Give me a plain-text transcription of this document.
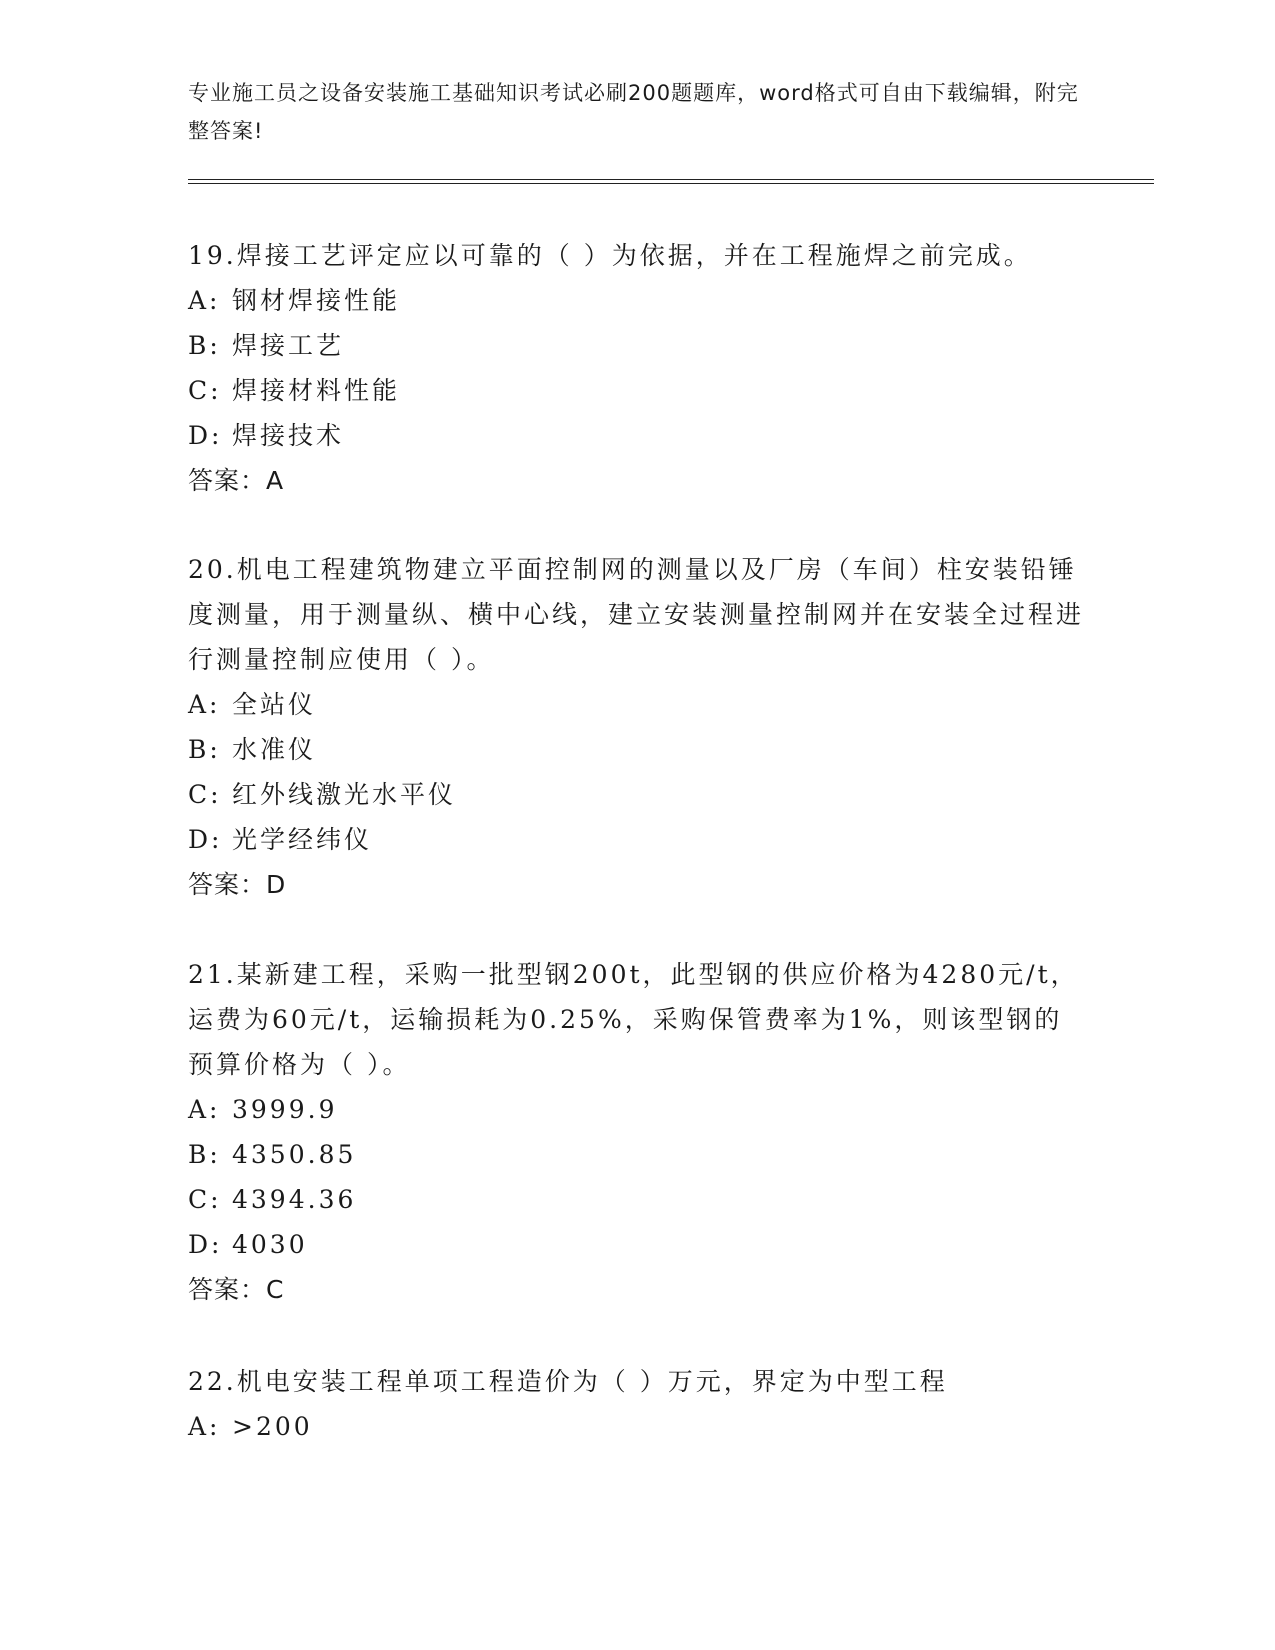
专业施工员之设备安装施工基础知识考试必刷200题题库，word格式可自由下载编辑，附完整答案!

19.焊接工艺评定应以可靠的（ ）为依据，并在工程施焊之前完成。

A: 钢材焊接性能

B: 焊接工艺

C: 焊接材料性能

D: 焊接技术

答案：A

20.机电工程建筑物建立平面控制网的测量以及厂房（车间）柱安装铅锤度测量，用于测量纵、横中心线，建立安装测量控制网并在安装全过程进行测量控制应使用（ ）。

A: 全站仪

B: 水准仪

C: 红外线激光水平仪

D: 光学经纬仪

答案：D

21.某新建工程，采购一批型钢200t，此型钢的供应价格为4280元/t，运费为60元/t，运输损耗为0.25%，采购保管费率为1%，则该型钢的预算价格为（ ）。

A: 3999.9

B: 4350.85

C: 4394.36

D: 4030

答案：C

22.机电安装工程单项工程造价为（ ）万元，界定为中型工程

A: >200
